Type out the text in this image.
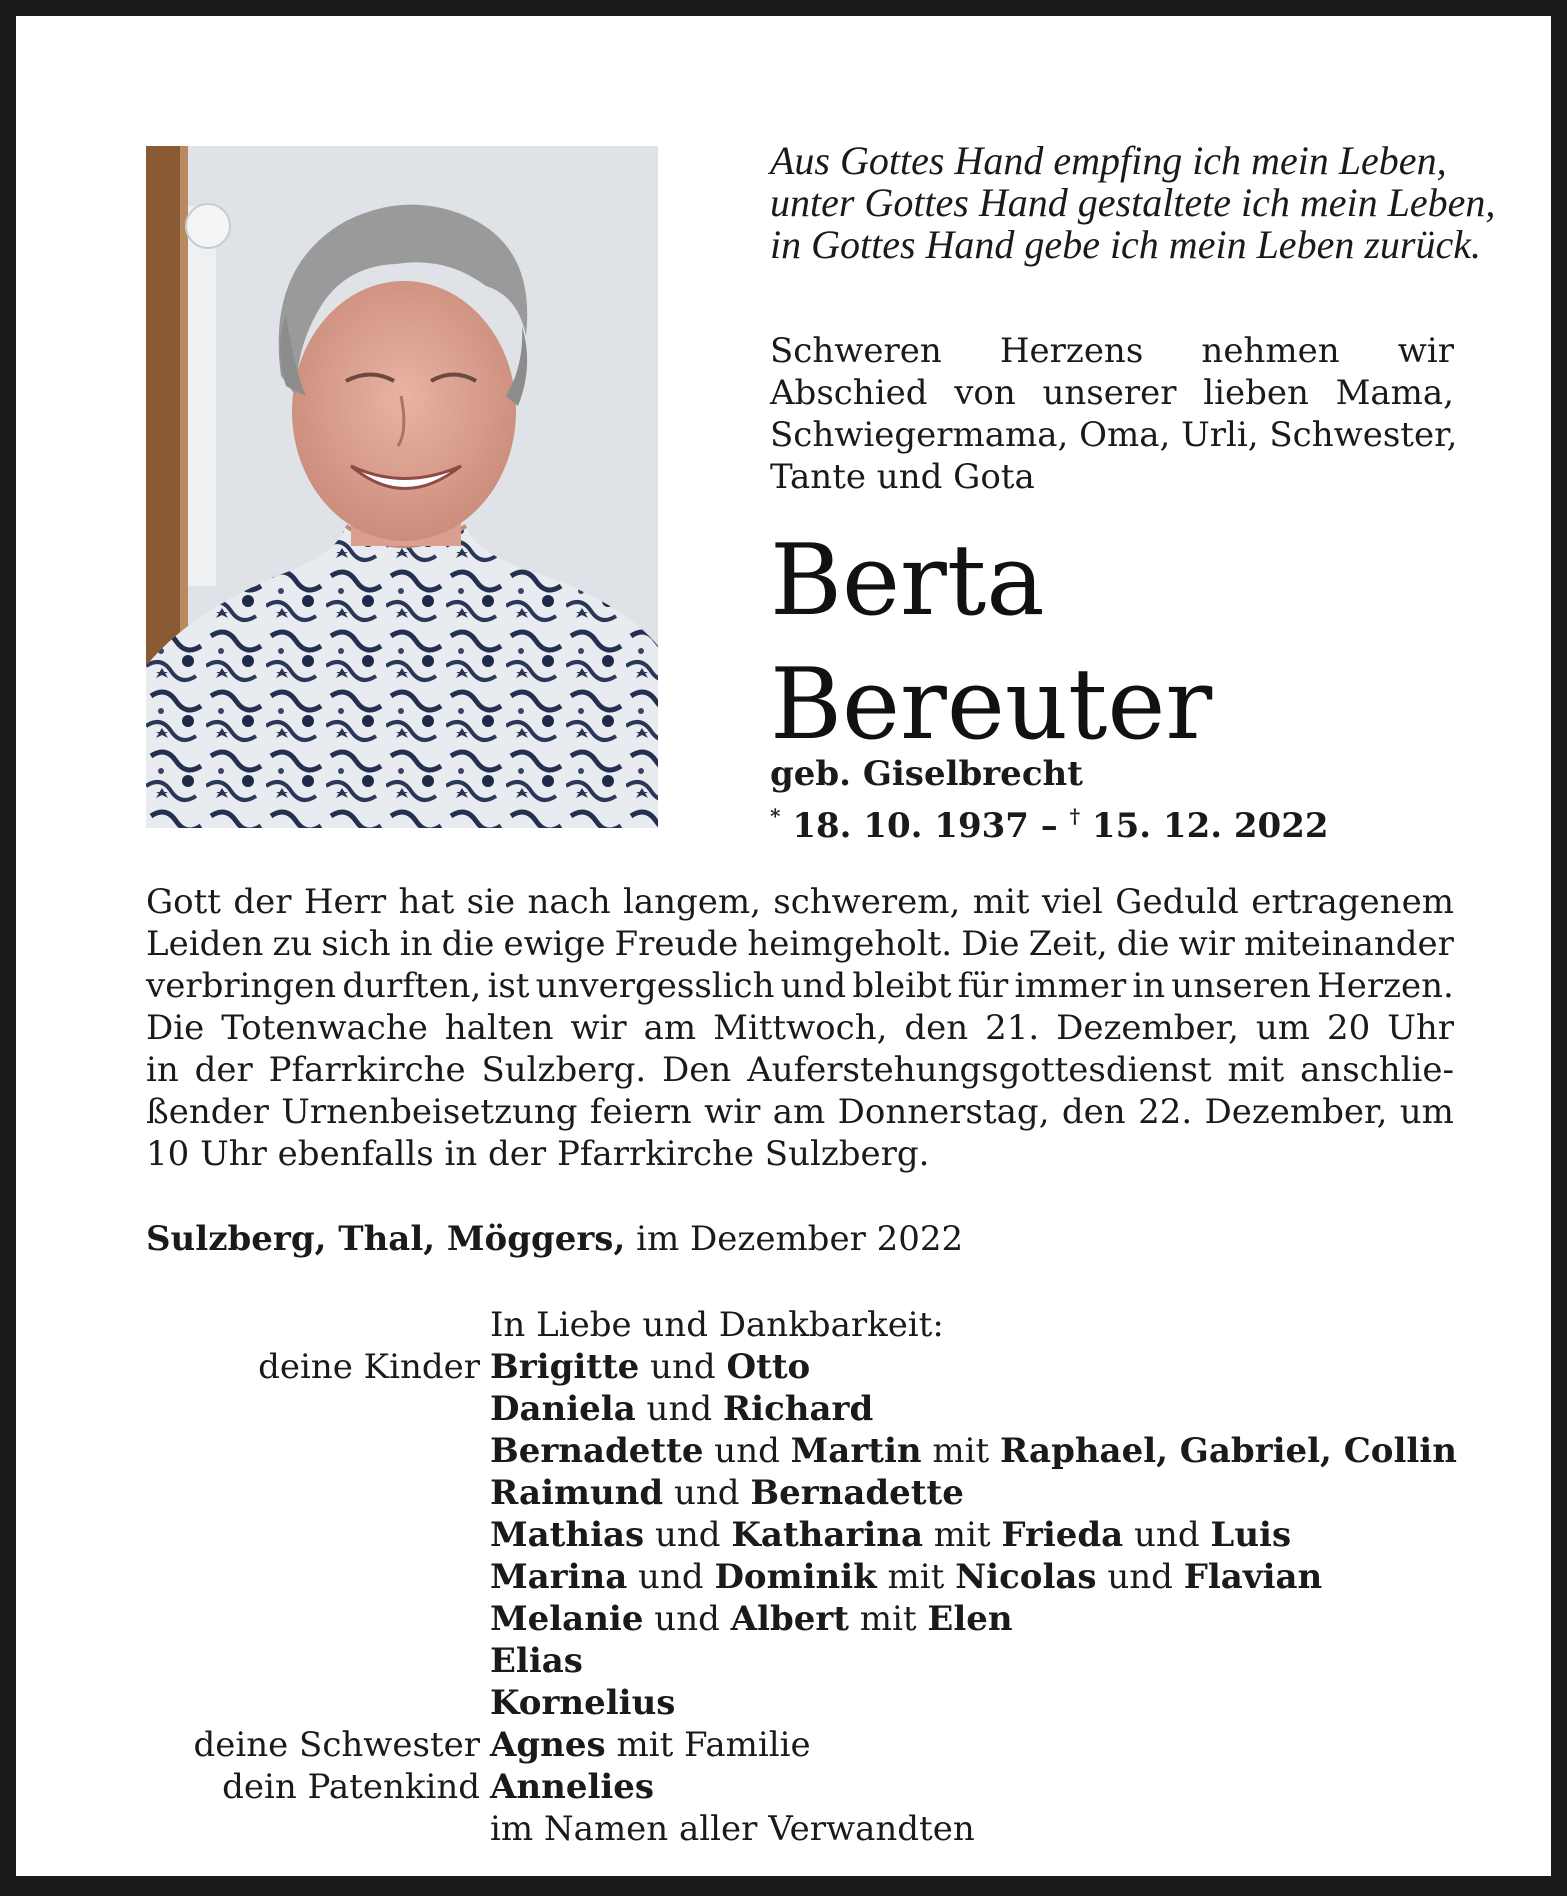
Aus Gottes Hand empfing ich mein Leben,
unter Gottes Hand gestaltete ich mein Leben,
in Gottes Hand gebe ich mein Leben zurück.
Schweren Herzens nehmen wir
Abschied von unserer lieben Mama,
Schwiegermama, Oma, Urli, Schwester,
Tante und Gota
Berta
Bereuter
geb. Giselbrecht
* 18. 10. 1937 – † 15. 12. 2022
Gott der Herr hat sie nach langem, schwerem, mit viel Geduld ertragenem
Leiden zu sich in die ewige Freude heimgeholt. Die Zeit, die wir miteinander
verbringen durften, ist unvergesslich und bleibt für immer in unseren Herzen.
Die Totenwache halten wir am Mittwoch, den 21. Dezember, um 20 Uhr
in der Pfarrkirche Sulzberg. Den Auferstehungsgottesdienst mit anschlie-
ßender Urnenbeisetzung feiern wir am Donnerstag, den 22. Dezember, um
10 Uhr ebenfalls in der Pfarrkirche Sulzberg.
Sulzberg, Thal, Möggers, im Dezember 2022
In Liebe und Dankbarkeit:
deine Kinder Brigitte und Otto
Daniela und Richard
Bernadette und Martin mit Raphael, Gabriel, Collin
Raimund und Bernadette
Mathias und Katharina mit Frieda und Luis
Marina und Dominik mit Nicolas und Flavian
Melanie und Albert mit Elen
Elias
Kornelius
deine Schwester Agnes mit Familie
dein Patenkind Annelies
im Namen aller Verwandten
